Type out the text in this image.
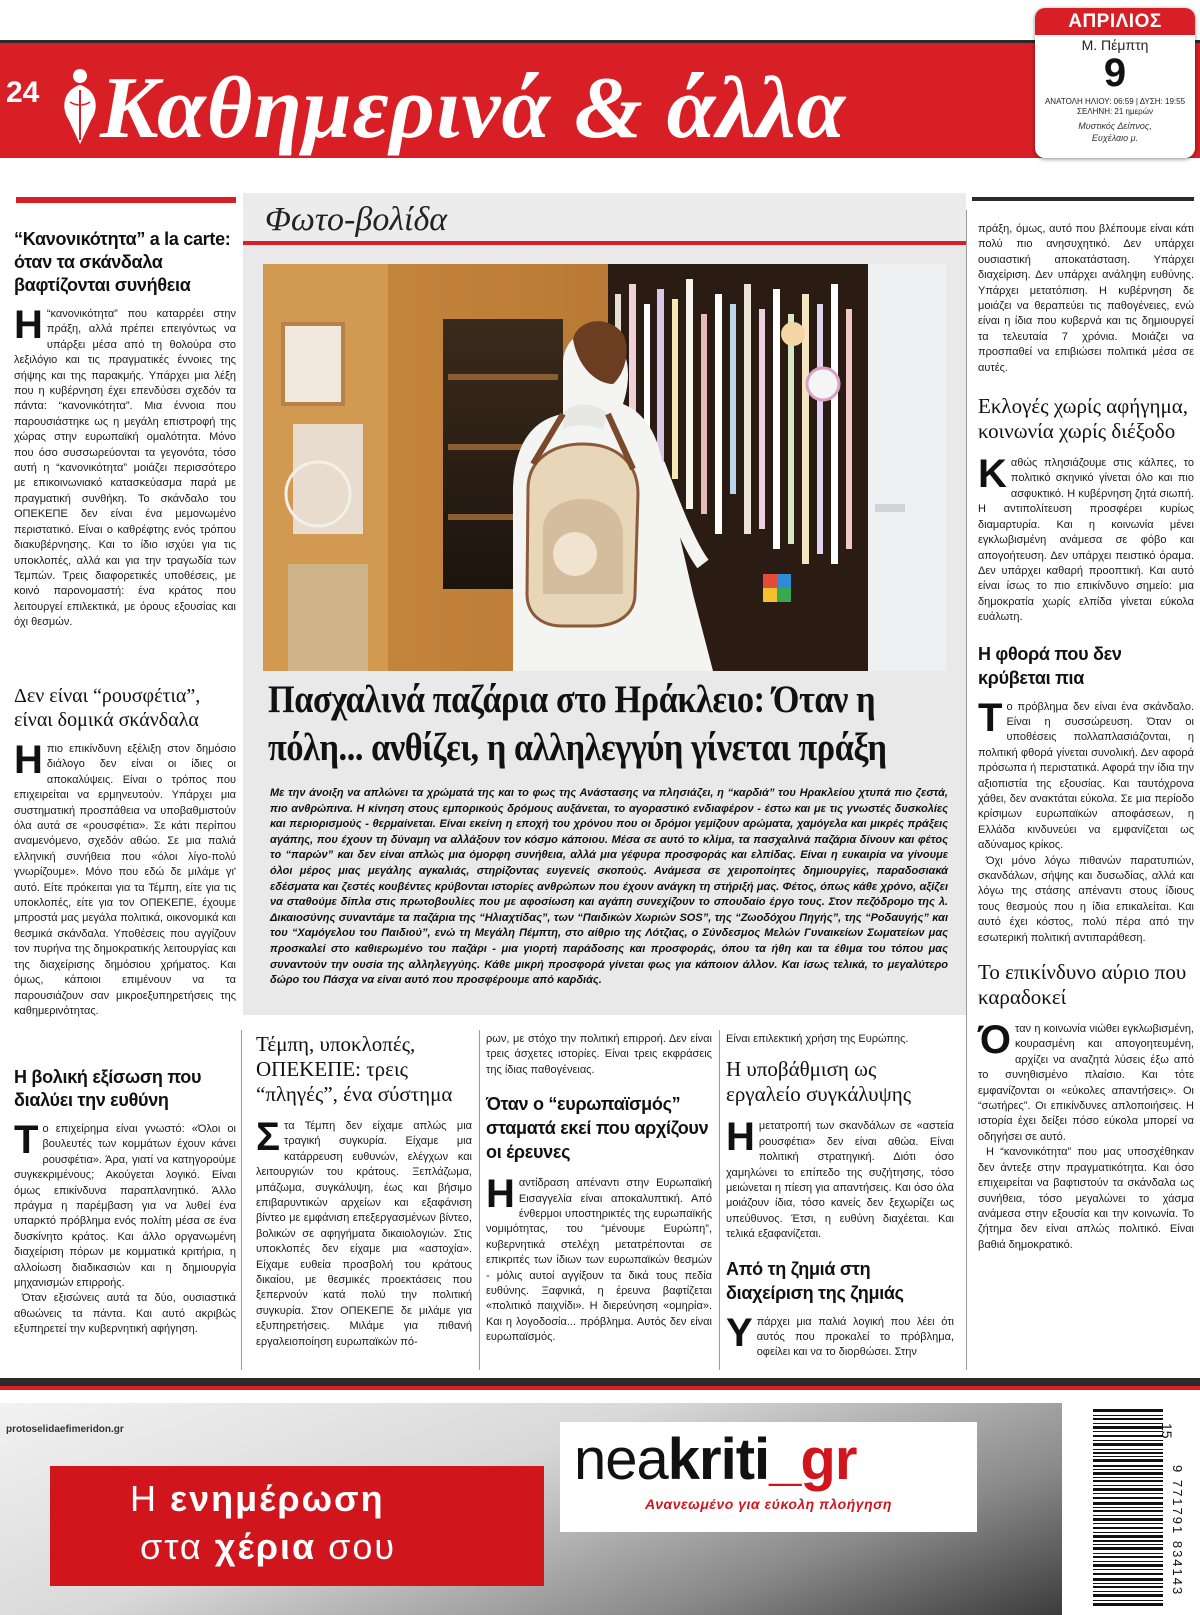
24 Καθημερινά & άλλα
ΑΠΡΙΛΙΟΣ
Μ. Πέμπτη
9
ΑΝΑΤΟΛΗ ΗΛΙΟΥ: 06:59 | ΔΥΣΗ: 19:55
ΣΕΛΗΝΗ: 21 ημερών
Μυστικός Δείπνος,
Ευχέλαιο μ.
“Κανονικότητα” a la carte: όταν τα σκάνδαλα βαφτίζονται συνήθεια
Η “κανονικότητα” που καταρρέει στην πράξη, αλλά πρέπει επειγόντως να υπάρξει μέσα από τη θολούρα στο λεξιλόγιο και τις πραγματικές έννοιες της σήψης και της παρακμής. Υπάρχει μια λέξη που η κυβέρνηση έχει επενδύσει σχεδόν τα πάντα: “κανονικότητα”. Μια έννοια που παρουσιάστηκε ως η μεγάλη επιστροφή της χώρας στην ευρωπαϊκή ομαλότητα. Μόνο που όσο συσσωρεύονται τα γεγονότα, τόσο αυτή η “κανονικότητα” μοιάζει περισσότερο με επικοινωνιακό κατασκεύασμα παρά με πραγματική συνθήκη. Το σκάνδαλο του ΟΠΕΚΕΠΕ δεν είναι ένα μεμονωμένο περιστατικό. Είναι ο καθρέφτης ενός τρόπου διακυβέρνησης. Και το ίδιο ισχύει για τις υποκλοπές, αλλά και για την τραγωδία των Τεμπών. Τρεις διαφορετικές υποθέσεις, με κοινό παρονομαστή: ένα κράτος που λειτουργεί επιλεκτικά, με όρους εξουσίας και όχι θεσμών.
Δεν είναι “ρουσφέτια”, είναι δομικά σκάνδαλα
Ηπιο επικίνδυνη εξέλιξη στον δημόσιο διάλογο δεν είναι οι ίδιες οι αποκαλύψεις. Είναι ο τρόπος που επιχειρείται να ερμηνευτούν. Υπάρχει μια συστηματική προσπάθεια να υποβαθμιστούν όλα αυτά σε «ρουσφέτια». Σε κάτι περίπου αναμενόμενο, σχεδόν αθώο. Σε μια παλιά ελληνική συνήθεια που «όλοι λίγο-πολύ γνωρίζουμε». Μόνο που εδώ δε μιλάμε γι' αυτό. Είτε πρόκειται για τα Τέμπη, είτε για τις υποκλοπές, είτε για τον ΟΠΕΚΕΠΕ, έχουμε μπροστά μας μεγάλα πολιτικά, οικονομικά και θεσμικά σκάνδαλα. Υποθέσεις που αγγίζουν τον πυρήνα της δημοκρατικής λειτουργίας και της διαχείρισης δημόσιου χρήματος. Και όμως, κάποιοι επιμένουν να τα παρουσιάζουν σαν μικροεξυπηρετήσεις της καθημερινότητας.
Η βολική εξίσωση που διαλύει την ευθύνη
Το επιχείρημα είναι γνωστό: «Όλοι οι βουλευτές των κομμάτων έχουν κάνει ρουσφέτια». Άρα, γιατί να κατηγορούμε συγκεκριμένους; Ακούγεται λογικό. Είναι όμως επικίνδυνα παραπλανητικό. Άλλο πράγμα η παρέμβαση για να λυθεί ένα υπαρκτό πρόβλημα ενός πολίτη μέσα σε ένα δυσκίνητο κράτος. Και άλλο οργανωμένη διαχείριση πόρων με κομματικά κριτήρια, η αλλοίωση διαδικασιών και η δημιουργία μηχανισμών επιρροής.
Όταν εξισώνεις αυτά τα δύο, ουσιαστικά αθωώνεις τα πάντα. Και αυτό ακριβώς εξυπηρετεί την κυβερνητική αφήγηση.
Φωτο-βολίδα
Πασχαλινά παζάρια στο Ηράκλειο: Όταν η πόλη... ανθίζει, η αλληλεγγύη γίνεται πράξη
Με την άνοιξη να απλώνει τα χρώματά της και το φως της Ανάστασης να πλησιάζει, η “καρδιά” του Ηρακλείου χτυπά πιο ζεστά, πιο ανθρώπινα. Η κίνηση στους εμπορικούς δρόμους αυξάνεται, το αγοραστικό ενδιαφέρον - έστω και με τις γνωστές δυσκολίες και περιορισμούς - θερμαίνεται. Είναι εκείνη η εποχή του χρόνου που οι δρόμοι γεμίζουν αρώματα, χαμόγελα και μικρές πράξεις αγάπης, που έχουν τη δύναμη να αλλάξουν τον κόσμο κάποιου. Μέσα σε αυτό το κλίμα, τα πασχαλινά παζάρια δίνουν και φέτος το “παρών” και δεν είναι απλώς μια όμορφη συνήθεια, αλλά μια γέφυρα προσφοράς και ελπίδας. Είναι η ευκαιρία να γίνουμε όλοι μέρος μιας μεγάλης αγκαλιάς, στηρίζοντας ευγενείς σκοπούς. Ανάμεσα σε χειροποίητες δημιουργίες, παραδοσιακά εδέσματα και ζεστές κουβέντες κρύβονται ιστορίες ανθρώπων που έχουν ανάγκη τη στήριξή μας. Φέτος, όπως κάθε χρόνο, αξίζει να σταθούμε δίπλα στις πρωτοβουλίες που με αφοσίωση και αγάπη συνεχίζουν το σπουδαίο έργο τους. Στον πεζόδρομο της λ. Δικαιοσύνης συναντάμε τα παζάρια της “Ηλιαχτίδας”, των “Παιδικών Χωριών SOS”, της “Ζωοδόχου Πηγής”, της “Ροδαυγής” και του “Χαμόγελου του Παιδιού”, ενώ τη Μεγάλη Πέμπτη, στο αίθριο της Λότζιας, ο Σύνδεσμος Μελών Γυναικείων Σωματείων μας προσκαλεί στο καθιερωμένο του παζάρι - μια γιορτή παράδοσης και προσφοράς, όπου τα ήθη και τα έθιμα του τόπου μας συναντούν την ουσία της αλληλεγγύης. Κάθε μικρή προσφορά γίνεται φως για κάποιον άλλον. Και ίσως τελικά, το μεγαλύτερο δώρο του Πάσχα να είναι αυτό που προσφέρουμε από καρδιάς.
Τέμπη, υποκλοπές, ΟΠΕΚΕΠΕ: τρεις “πληγές”, ένα σύστημα
Στα Τέμπη δεν είχαμε απλώς μια τραγική συγκυρία. Είχαμε μια κατάρρευση ευθυνών, ελέγχων και λειτουργιών του κράτους. Ξεπλάζωμα, μπάζωμα, συγκάλυψη, έως και βήσιμο επιβαρυντικών αρχείων και εξαφάνιση βίντεο με εμφάνιση επεξεργασμένων βίντεο, βολικών σε αφηγήματα δικαιολογιών. Στις υποκλοπές δεν είχαμε μια «αστοχία». Είχαμε ευθεία προσβολή του κράτους δικαίου, με θεσμικές προεκτάσεις που ξεπερνούν κατά πολύ την πολιτική συγκυρία. Στον ΟΠΕΚΕΠΕ δε μιλάμε για εξυπηρετήσεις. Μιλάμε για πιθανή εργαλειοποίηση ευρωπαϊκών πό-
ρων, με στόχο την πολιτική επιρροή. Δεν είναι τρεις άσχετες ιστορίες. Είναι τρεις εκφράσεις της ίδιας παθογένειας.
Όταν ο “ευρωπαϊσμός” σταματά εκεί που αρχίζουν οι έρευνες
Ηαντίδραση απέναντι στην Ευρωπαϊκή Εισαγγελία είναι αποκαλυπτική. Από ένθερμοι υποστηρικτές της ευρωπαϊκής νομιμότητας, του “μένουμε Ευρώπη”, κυβερνητικά στελέχη μετατρέπονται σε επικριτές των ίδιων των ευρωπαϊκών θεσμών - μόλις αυτοί αγγίξουν τα δικά τους πεδία ευθύνης. Ξαφνικά, η έρευνα βαφτίζεται «πολιτικό παιχνίδι». Η διερεύνηση «ομηρία». Και η λογοδοσία... πρόβλημα. Αυτός δεν είναι ευρωπαϊσμός.
Είναι επιλεκτική χρήση της Ευρώπης.
Η υποβάθμιση ως εργαλείο συγκάλυψης
Ημετατροπή των σκανδάλων σε «αστεία ρουσφέτια» δεν είναι αθώα. Είναι πολιτική στρατηγική. Διότι όσο χαμηλώνει το επίπεδο της συζήτησης, τόσο μειώνεται η πίεση για απαντήσεις. Και όσο όλα μοιάζουν ίδια, τόσο κανείς δεν ξεχωρίζει ως υπεύθυνος. Έτσι, η ευθύνη διαχέεται. Και τελικά εξαφανίζεται.
Από τη ζημιά στη διαχείριση της ζημιάς
Υπάρχει μια παλιά λογική που λέει ότι αυτός που προκαλεί το πρόβλημα, οφείλει και να το διορθώσει. Στην
πράξη, όμως, αυτό που βλέπουμε είναι κάτι πολύ πιο ανησυχητικό. Δεν υπάρχει ουσιαστική αποκατάσταση. Υπάρχει διαχείριση. Δεν υπάρχει ανάληψη ευθύνης. Υπάρχει μετατόπιση. Η κυβέρνηση δε μοιάζει να θεραπεύει τις παθογένειες, ενώ είναι η ίδια που κυβερνά και τις δημιουργεί τα τελευταία 7 χρόνια. Μοιάζει να προσπαθεί να επιβιώσει πολιτικά μέσα σε αυτές.
Εκλογές χωρίς αφήγημα, κοινωνία χωρίς διέξοδο
Καθώς πλησιάζουμε στις κάλπες, το πολιτικό σκηνικό γίνεται όλο και πιο ασφυκτικό. Η κυβέρνηση ζητά σιωπή. Η αντιπολίτευση προσφέρει κυρίως διαμαρτυρία. Και η κοινωνία μένει εγκλωβισμένη ανάμεσα σε φόβο και απογοήτευση. Δεν υπάρχει πειστικό όραμα. Δεν υπάρχει καθαρή προοπτική. Και αυτό είναι ίσως το πιο επικίνδυνο σημείο: μια δημοκρατία χωρίς ελπίδα γίνεται εύκολα ευάλωτη.
Η φθορά που δεν κρύβεται πια
Το πρόβλημα δεν είναι ένα σκάνδαλο. Είναι η συσσώρευση. Όταν οι υποθέσεις πολλαπλασιάζονται, η πολιτική φθορά γίνεται συνολική. Δεν αφορά πρόσωπα ή περιστατικά. Αφορά την ίδια την αξιοπιστία της εξουσίας. Και ταυτόχρονα χάθει, δεν ανακτάται εύκολα. Σε μια περίοδο κρίσιμων ευρωπαϊκών αποφάσεων, η Ελλάδα κινδυνεύει να εμφανίζεται ως αδύναμος κρίκος.
Όχι μόνο λόγω πιθανών παρατυπιών, σκανδάλων, σήψης και δυσωδίας, αλλά και λόγω της στάσης απέναντι στους ίδιους τους θεσμούς που η ίδια επικαλείται. Και αυτό έχει κόστος, πολύ πέρα από την εσωτερική πολιτική αντιπαράθεση.
Το επικίνδυνο αύριο που καραδοκεί
Όταν η κοινωνία νιώθει εγκλωβισμένη, κουρασμένη και απογοητευμένη, αρχίζει να αναζητά λύσεις έξω από το συνηθισμένο πλαίσιο. Και τότε εμφανίζονται οι «εύκολες απαντήσεις». Οι “σωτήρες”. Οι επικίνδυνες απλοποιήσεις. Η ιστορία έχει δείξει πόσο εύκολα μπορεί να οδηγήσει σε αυτό.
Η “κανονικότητα” που μας υποσχέθηκαν δεν άντεξε στην πραγματικότητα. Και όσο επιχειρείται να βαφτιστούν τα σκάνδαλα ως συνήθεια, τόσο μεγαλώνει το χάσμα ανάμεσα στην εξουσία και την κοινωνία. Το ζήτημα δεν είναι απλώς πολιτικό. Είναι βαθιά δημοκρατικό.
protoselidaefimeridon.gr
Η ενημέρωση
στα χέρια σου
neakriti_gr
Ανανεωμένο για εύκολη πλοήγηση
15
9 771791 834143
